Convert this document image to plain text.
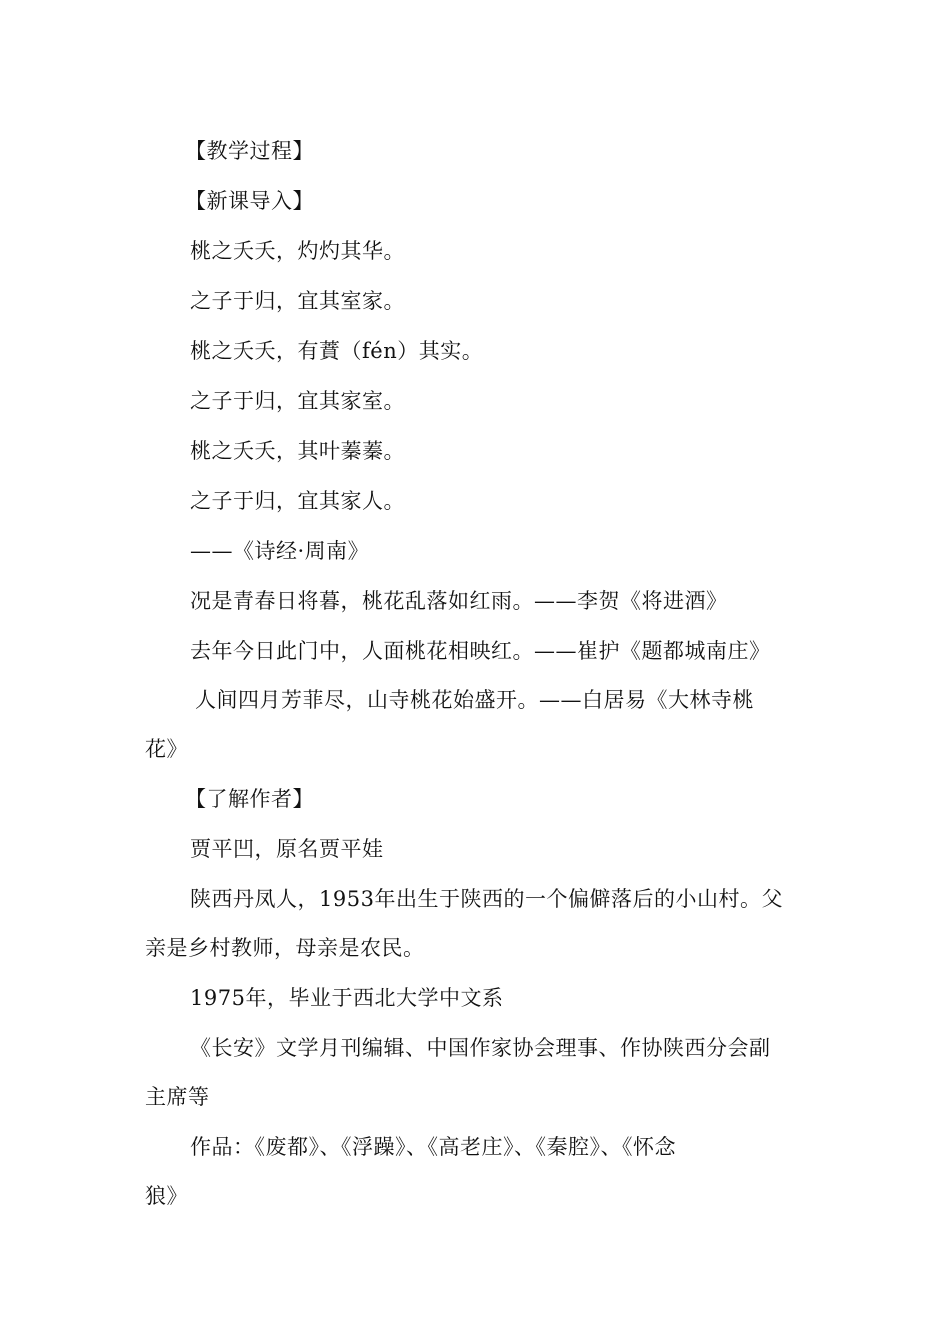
【教学过程】
【新课导入】
桃之夭夭，灼灼其华。
之子于归，宜其室家。
桃之夭夭，有蕡（fén）其实。
之子于归，宜其家室。
桃之夭夭，其叶蓁蓁。
之子于归，宜其家人。
——《诗经·周南》
况是青春日将暮，桃花乱落如红雨。——李贺《将进酒》
去年今日此门中，人面桃花相映红。——崔护《题都城南庄》
人间四月芳菲尽，山寺桃花始盛开。——白居易《大林寺桃
花》
【了解作者】
贾平凹，原名贾平娃
陕西丹凤人，1953年出生于陕西的一个偏僻落后的小山村。父
亲是乡村教师，母亲是农民。
1975年，毕业于西北大学中文系
《长安》文学月刊编辑、中国作家协会理事、作协陕西分会副
主席等
作品：《废都》、《浮躁》、《高老庄》、《秦腔》、《怀念
狼》
